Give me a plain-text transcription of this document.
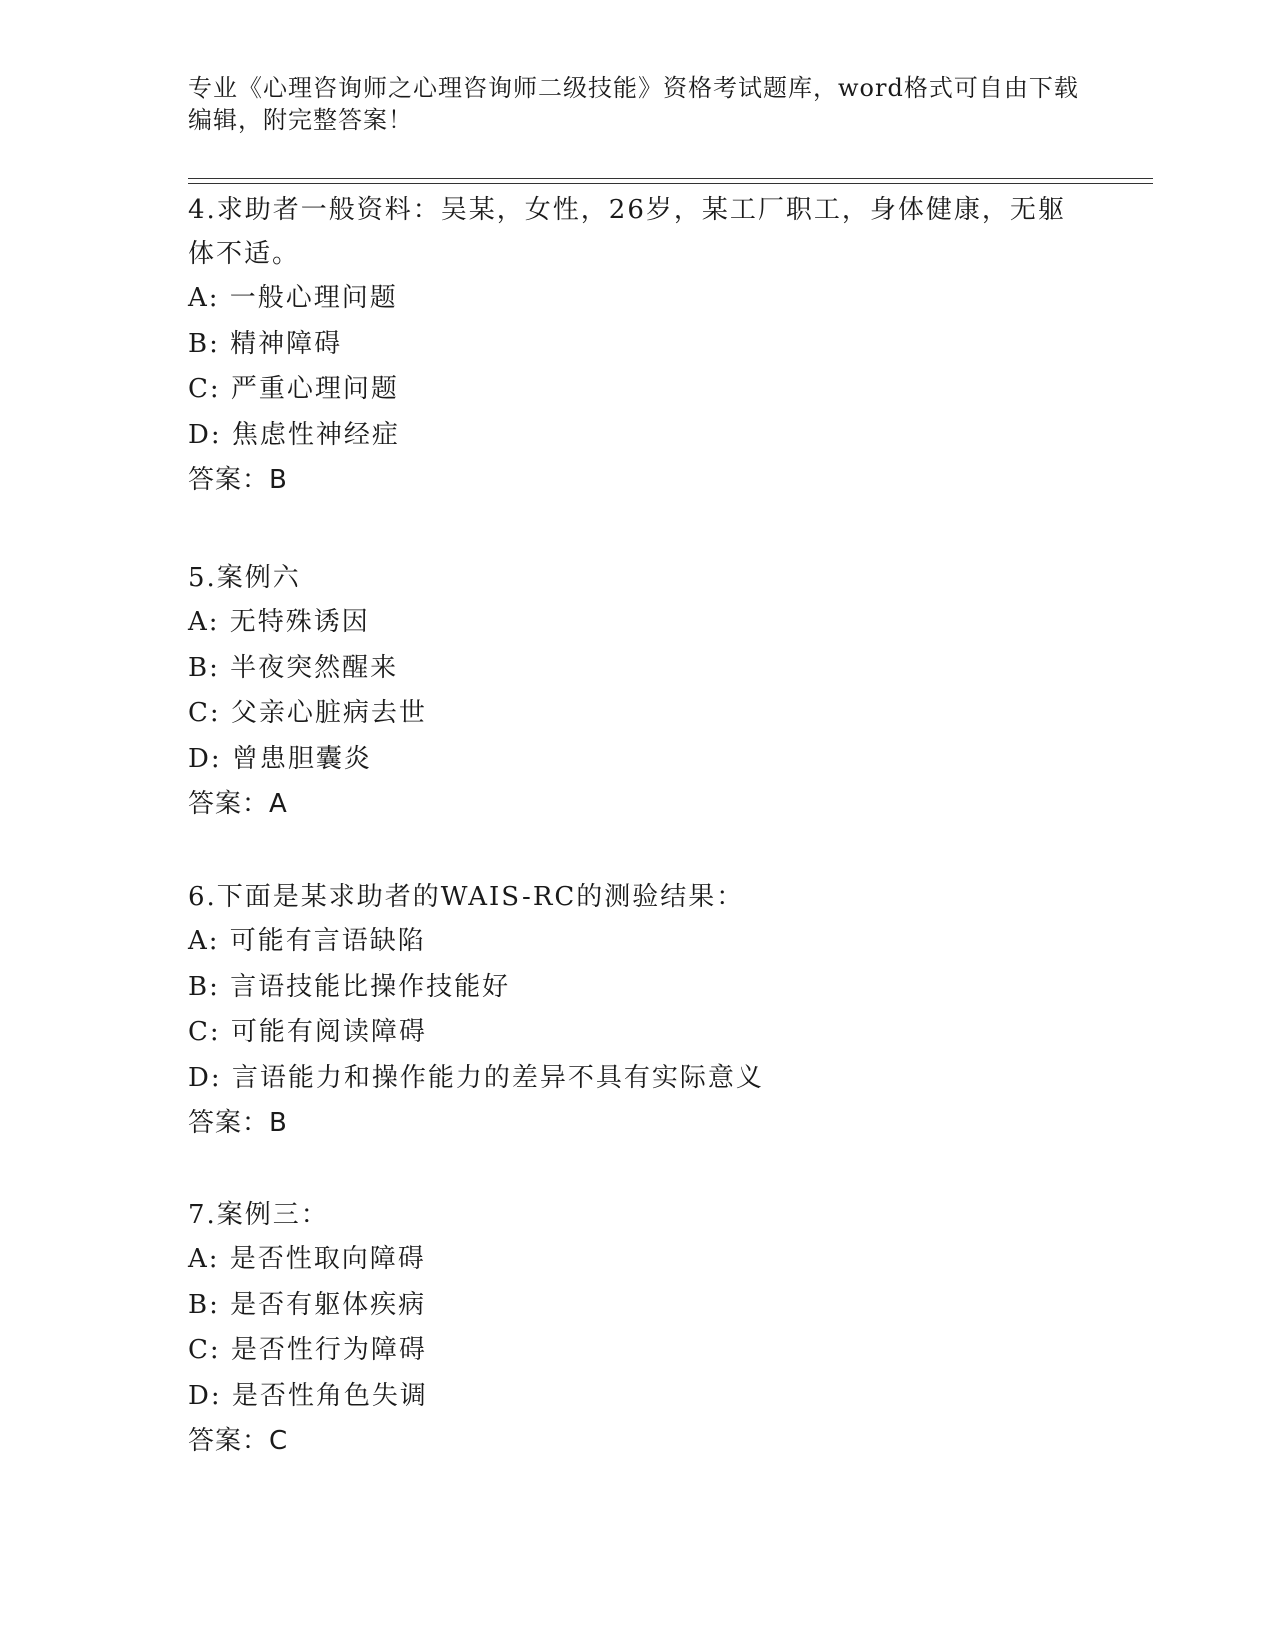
专业《心理咨询师之心理咨询师二级技能》资格考试题库，word格式可自由下载编辑，附完整答案！
4.求助者一般资料：吴某，女性，26岁，某工厂职工，身体健康，无躯体不适。
A: 一般心理问题
B: 精神障碍
C: 严重心理问题
D: 焦虑性神经症
答案：B
5.案例六
A: 无特殊诱因
B: 半夜突然醒来
C: 父亲心脏病去世
D: 曾患胆囊炎
答案：A
6.下面是某求助者的WAIS-RC的测验结果：
A: 可能有言语缺陷
B: 言语技能比操作技能好
C: 可能有阅读障碍
D: 言语能力和操作能力的差异不具有实际意义
答案：B
7.案例三：
A: 是否性取向障碍
B: 是否有躯体疾病
C: 是否性行为障碍
D: 是否性角色失调
答案：C
